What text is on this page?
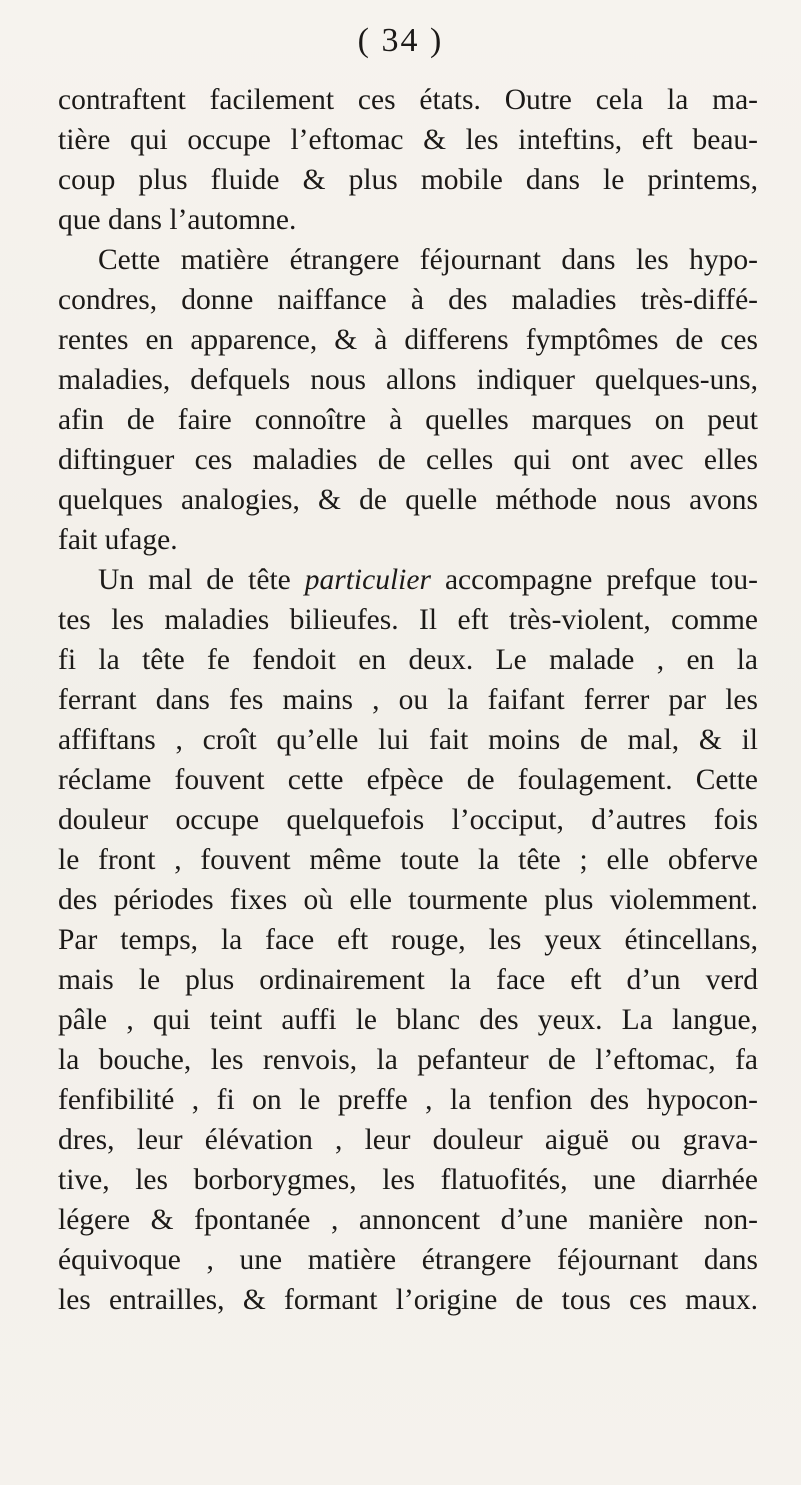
( 34 )
contraftent facilement ces états. Outre cela la ma-
tière qui occupe l’eftomac & les inteftins, eft beau-
coup plus fluide & plus mobile dans le printems,
que dans l’automne.
Cette matière étrangere féjournant dans les hypo-
condres, donne naiffance à des maladies très-diffé-
rentes en apparence, & à differens fymptômes de ces
maladies, defquels nous allons indiquer quelques-uns,
afin de faire connoître à quelles marques on peut
diftinguer ces maladies de celles qui ont avec elles
quelques analogies, & de quelle méthode nous avons
fait ufage.
Un mal de tête particulier accompagne prefque tou-
tes les maladies bilieufes. Il eft très-violent, comme
fi la tête fe fendoit en deux. Le malade , en la
ferrant dans fes mains , ou la faifant ferrer par les
affiftans , croît qu’elle lui fait moins de mal, & il
réclame fouvent cette efpèce de foulagement. Cette
douleur occupe quelquefois l’occiput, d’autres fois
le front , fouvent même toute la tête ; elle obferve
des périodes fixes où elle tourmente plus violemment.
Par temps, la face eft rouge, les yeux étincellans,
mais le plus ordinairement la face eft d’un verd
pâle , qui teint auffi le blanc des yeux. La langue,
la bouche, les renvois, la pefanteur de l’eftomac, fa
fenfibilité , fi on le preffe , la tenfion des hypocon-
dres, leur élévation , leur douleur aiguë ou grava-
tive, les borborygmes, les flatuofités, une diarrhée
légere & fpontanée , annoncent d’une manière non-
équivoque , une matière étrangere féjournant dans
les entrailles, & formant l’origine de tous ces maux.
